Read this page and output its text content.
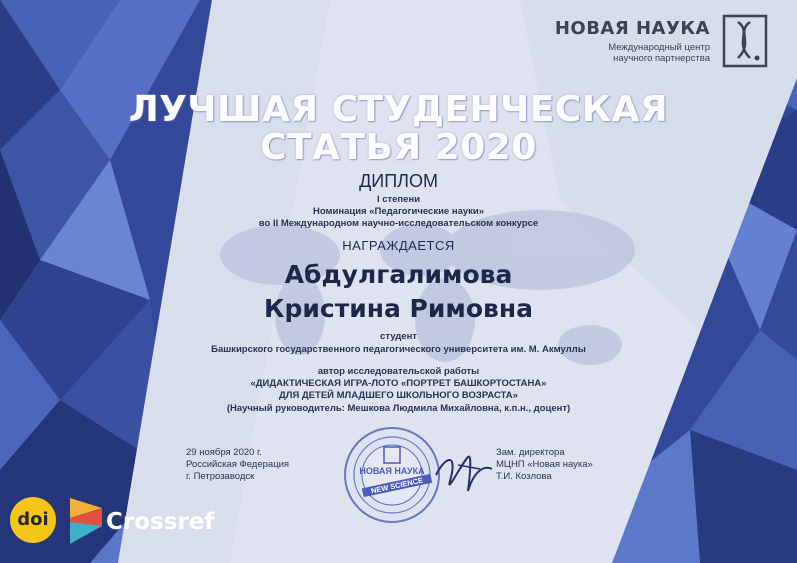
НОВАЯ НАУКА
Международный центр
научного партнерства
ЛУЧШАЯ СТУДЕНЧЕСКАЯ
СТАТЬЯ 2020
ДИПЛОМ
I степени
Номинация «Педагогические науки»
во II Международном научно-исследовательском конкурсе
НАГРАЖДАЕТСЯ
Абдулгалимова
Кристина Римовна
студент
Башкирского государственного педагогического университета им. М. Акмуллы
автор исследовательской работы
«ДИДАКТИЧЕСКАЯ ИГРА-ЛОТО «ПОРТРЕТ БАШКОРТОСТАНА»
ДЛЯ ДЕТЕЙ МЛАДШЕГО ШКОЛЬНОГО ВОЗРАСТА»
(Научный руководитель: Мешкова Людмила Михайловна, к.п.н., доцент)
29 ноября 2020 г.
Российская Федерация
г. Петрозаводск	НОВАЯ НАУКА
NEW SCIENCE
Зам. директора
МЦНП «Новая наука»
Т.И. Козлова
doi	Crossref
